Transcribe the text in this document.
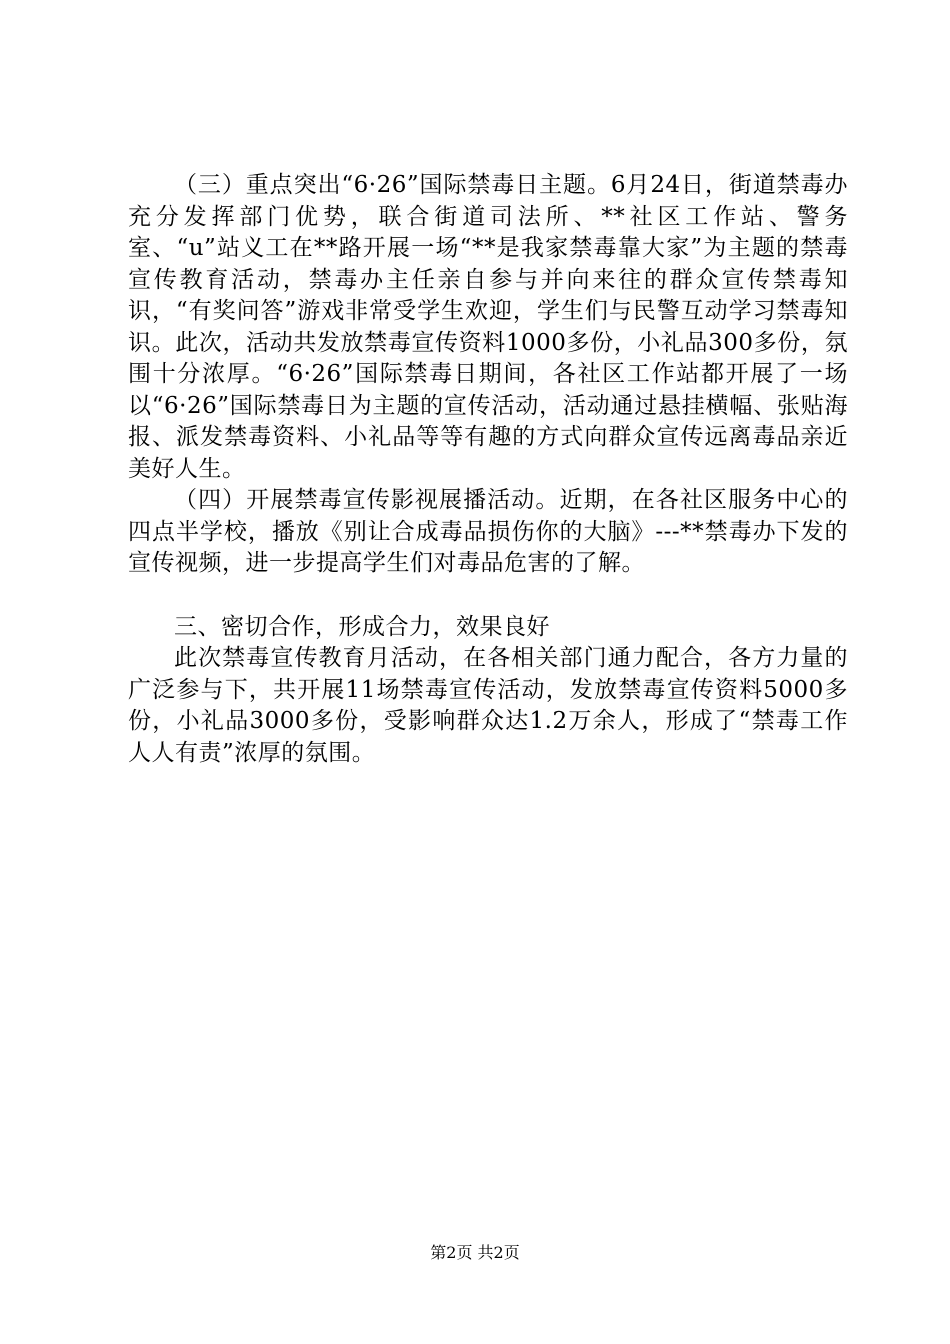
（三）重点突出“6·26”国际禁毒日主题。6月24日，街道禁毒办充分发挥部门优势，联合街道司法所、**社区工作站、警务室、“u”站义工在**路开展一场“**是我家禁毒靠大家”为主题的禁毒宣传教育活动，禁毒办主任亲自参与并向来往的群众宣传禁毒知识，“有奖问答”游戏非常受学生欢迎，学生们与民警互动学习禁毒知识。此次，活动共发放禁毒宣传资料1000多份，小礼品300多份，氛围十分浓厚。“6·26”国际禁毒日期间，各社区工作站都开展了一场以“6·26”国际禁毒日为主题的宣传活动，活动通过悬挂横幅、张贴海报、派发禁毒资料、小礼品等等有趣的方式向群众宣传远离毒品亲近美好人生。

（四）开展禁毒宣传影视展播活动。近期，在各社区服务中心的四点半学校，播放《别让合成毒品损伤你的大脑》---**禁毒办下发的宣传视频，进一步提高学生们对毒品危害的了解。

三、密切合作，形成合力，效果良好

此次禁毒宣传教育月活动，在各相关部门通力配合，各方力量的广泛参与下，共开展11场禁毒宣传活动，发放禁毒宣传资料5000多份，小礼品3000多份，受影响群众达1.2万余人，形成了“禁毒工作人人有责”浓厚的氛围。

第2页 共2页
